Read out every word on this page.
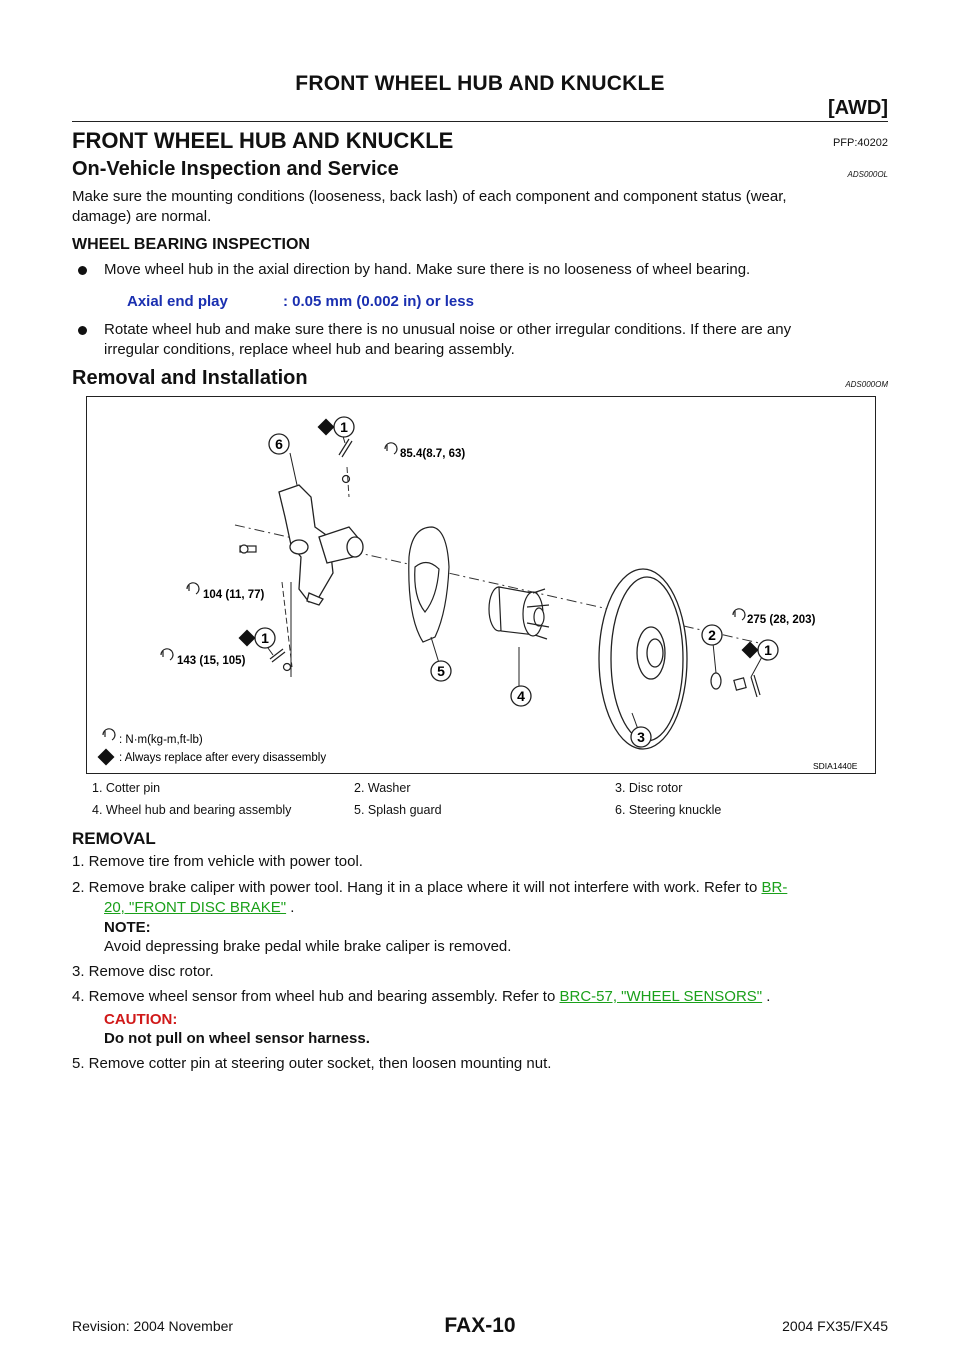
FRONT WHEEL HUB AND KNUCKLE
[AWD]
FRONT WHEEL HUB AND KNUCKLE	PFP:40202
On-Vehicle Inspection and Service	ADS000OL
Make sure the mounting conditions (looseness, back lash) of each component and component status (wear,
damage) are normal.
WHEEL BEARING INSPECTION
Move wheel hub in the axial direction by hand. Make sure there is no looseness of wheel bearing.
Axial end play	: 0.05 mm (0.002 in) or less
Rotate wheel hub and make sure there is no unusual noise or other irregular conditions. If there are any
irregular conditions, replace wheel hub and bearing assembly.
Removal and Installation	ADS000OM
6
1
1
5
4
3
2
1
85.4(8.7, 63)
104 (11, 77)
143 (15, 105)
275 (28, 203)
: N·m(kg-m,ft-lb)
: Always replace after every disassembly
SDIA1440E
1. Cotter pin	2. Washer	3. Disc rotor
4. Wheel hub and bearing assembly	5. Splash guard	6. Steering knuckle
REMOVAL
1. Remove tire from vehicle with power tool.
2. Remove brake caliper with power tool. Hang it in a place where it will not interfere with work. Refer to BR-
20, "FRONT DISC BRAKE" .
NOTE:
Avoid depressing brake pedal while brake caliper is removed.
3. Remove disc rotor.
4. Remove wheel sensor from wheel hub and bearing assembly. Refer to BRC-57, "WHEEL SENSORS" .
CAUTION:
Do not pull on wheel sensor harness.
5. Remove cotter pin at steering outer socket, then loosen mounting nut.
Revision: 2004 November	FAX-10	2004 FX35/FX45
